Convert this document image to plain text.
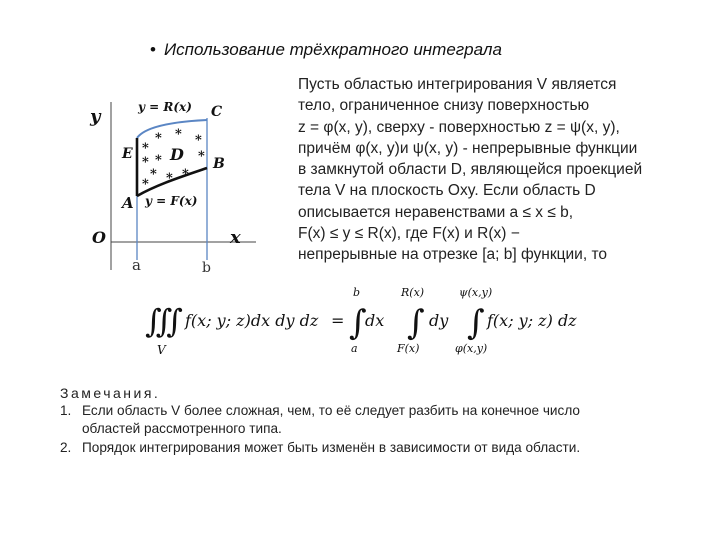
• Использование трёхкратного интеграла
* * *
*
*
* *
* * *
*
y
x
O
a	b
y = R(x)
y = F(x)
C
E
A
B
D
Пусть областью интегрирования V является
тело, ограниченное снизу поверхностью
z = φ(x, y), сверху - поверхностью z = ψ(x, y),
причём φ(x, y)и ψ(x, y) - непрерывные функции
в замкнутой области D, являющейся проекцией
тела V на плоскость Oxy. Если область D
описывается неравенствами a ≤ x ≤ b,
F(x) ≤ y ≤ R(x), где F(x) и R(x) −
непрерывные на отрезке [a; b] функции, то
∭
V
f(x; y; z)dx dy dz =
b
∫
a
dx
R(x)
∫
F(x)
dy
ψ(x,y)
∫
φ(x,y)
f(x; y; z) dz
Замечания.
1. Если область V более сложная, чем, то её следует разбить на конечное число
областей рассмотренного типа.
2. Порядок интегрирования может быть изменён в зависимости от вида области.
